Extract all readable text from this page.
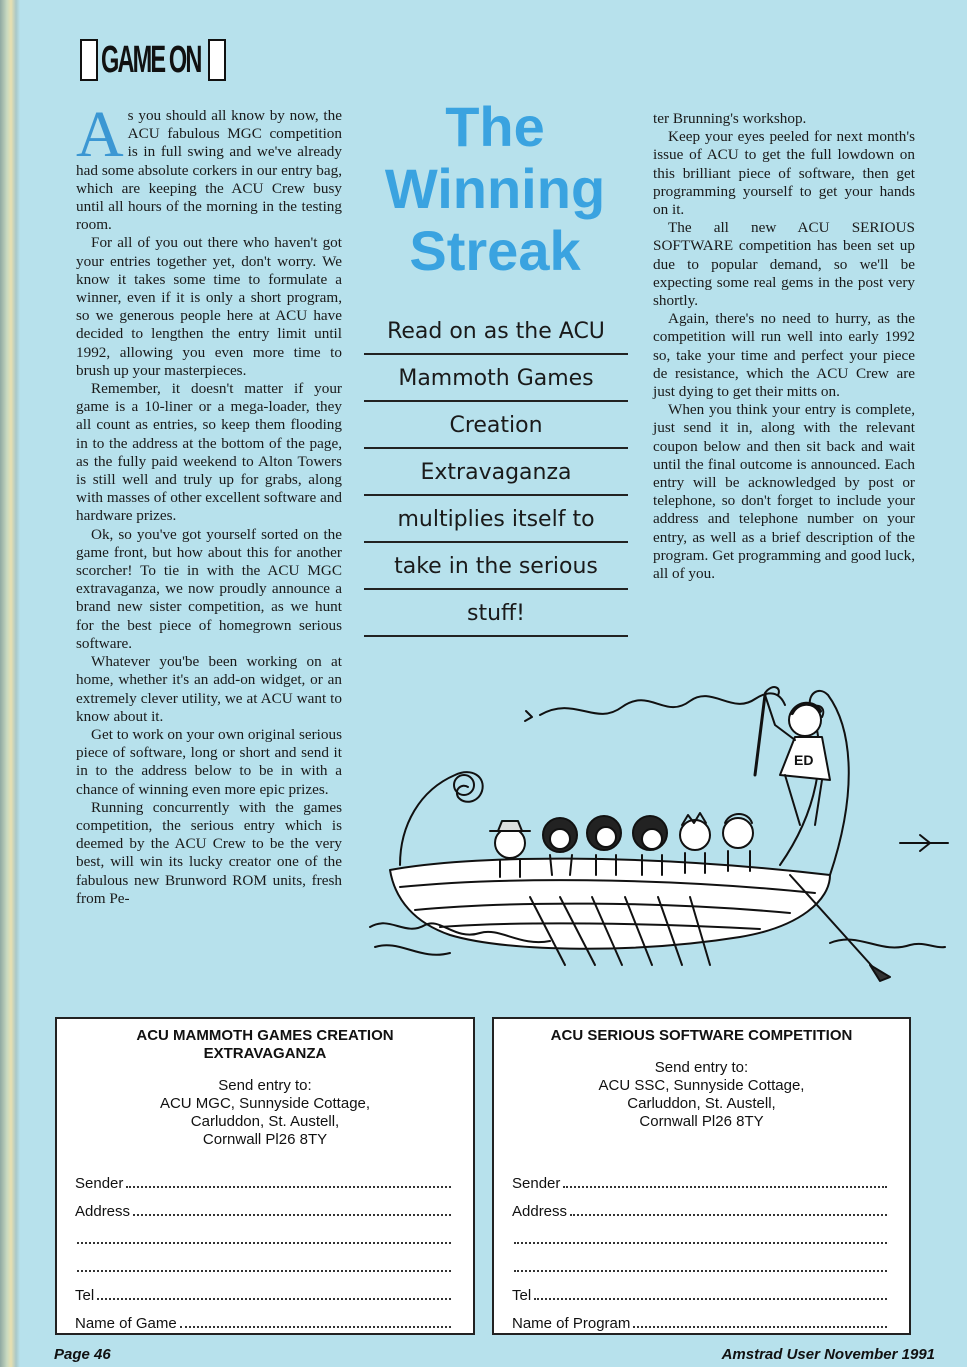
GAME ON

As you should all know by now, the ACU fabulous MGC competition is in full swing and we've already had some absolute corkers in our entry bag, which are keeping the ACU Crew busy until all hours of the morning in the testing room.

For all of you out there who haven't got your entries together yet, don't worry. We know it takes some time to formulate a winner, even if it is only a short program, so we generous people here at ACU have decided to lengthen the entry limit until 1992, allowing you even more time to brush up your masterpieces.

Remember, it doesn't matter if your game is a 10-liner or a mega-loader, they all count as entries, so keep them flooding in to the address at the bottom of the page, as the fully paid weekend to Alton Towers is still well and truly up for grabs, along with masses of other excellent software and hardware prizes.

Ok, so you've got yourself sorted on the game front, but how about this for another scorcher! To tie in with the ACU MGC extravaganza, we now proudly announce a brand new sister competition, as we hunt for the best piece of homegrown serious software.

Whatever you'be been working on at home, whether it's an add-on widget, or an extremely clever utility, we at ACU want to know about it.

Get to work on your own original serious piece of software, long or short and send it in to the address below to be in with a chance of winning even more epic prizes.

Running concurrently with the games competition, the serious entry which is deemed by the ACU Crew to be the very best, will win its lucky creator one of the fabulous new Brunword ROM units, fresh from Pe-

The
Winning
Streak
Read on as the ACU
Mammoth Games
Creation
Extravaganza
multiplies itself to
take in the serious
stuff!

ter Brunning's workshop.

Keep your eyes peeled for next month's issue of ACU to get the full lowdown on this brilliant piece of software, then get programming yourself to get your hands on it.

The all new ACU SERIOUS SOFTWARE competition has been set up due to popular demand, so we'll be expecting some real gems in the post very shortly.

Again, there's no need to hurry, as the competition will run well into early 1992 so, take your time and perfect your piece de resistance, which the ACU Crew are just dying to get their mitts on.

When you think your entry is complete, just send it in, along with the relevant coupon below and then sit back and wait until the final outcome is announced. Each entry will be acknowledged by post or telephone, so don't forget to include your address and telephone number on your entry, as well as a brief description of the program. Get programming and good luck, all of you.

ED
ACU MAMMOTH GAMES CREATION
EXTRAVAGANZA
Send entry to:
ACU MGC, Sunnyside Cottage,
Carluddon, St. Austell,
Cornwall Pl26 8TY
Sender
Address
Tel
Name of Game
ACU SERIOUS SOFTWARE COMPETITION
Send entry to:
ACU SSC, Sunnyside Cottage,
Carluddon, St. Austell,
Cornwall Pl26 8TY
Sender
Address
Tel
Name of Program
Page 46	Amstrad User November 1991
